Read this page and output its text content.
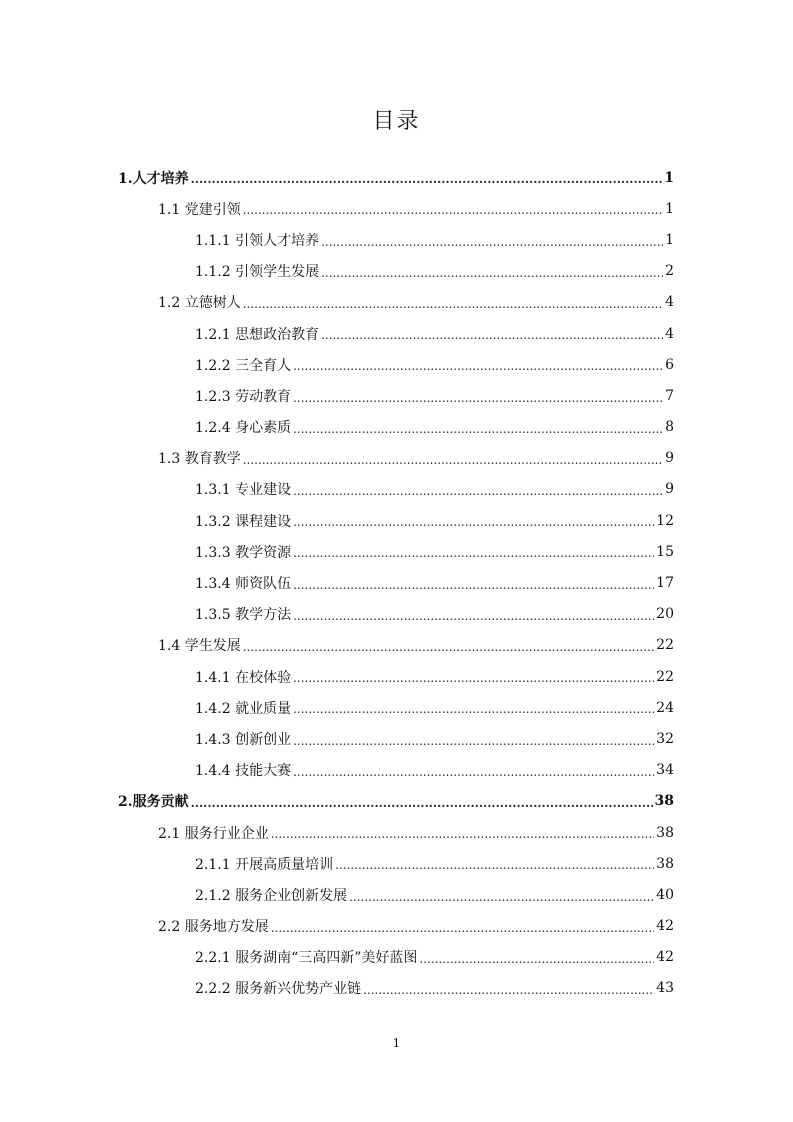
目录
1.人才培养 .....	1
1.1 党建引领 .....	1
1.1.1 引领人才培养 .....	1
1.1.2 引领学生发展 .....	2
1.2 立德树人 .....	4
1.2.1 思想政治教育 .....	4
1.2.2 三全育人 .....	6
1.2.3 劳动教育 .....	7
1.2.4 身心素质 .....	8
1.3 教育教学 .....	9
1.3.1 专业建设 .....	9
1.3.2 课程建设 .....	12
1.3.3 教学资源 .....	15
1.3.4 师资队伍 .....	17
1.3.5 教学方法 .....	20
1.4 学生发展 .....	22
1.4.1 在校体验 .....	22
1.4.2 就业质量 .....	24
1.4.3 创新创业 .....	32
1.4.4 技能大赛 .....	34
2.服务贡献 .....	38
2.1 服务行业企业 .....	38
2.1.1 开展高质量培训 .....	38
2.1.2 服务企业创新发展 .....	40
2.2 服务地方发展 .....	42
2.2.1 服务湖南“三高四新”美好蓝图 .....	42
2.2.2 服务新兴优势产业链 .....	43

1
